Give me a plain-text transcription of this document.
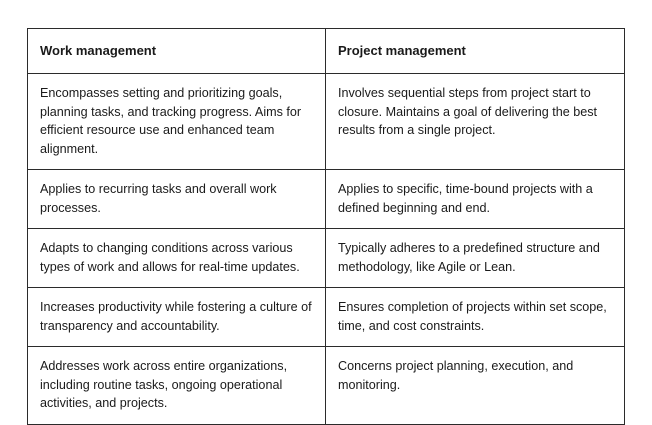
Work management	Project management

Encompasses setting and prioritizing goals, planning tasks, and tracking progress. Aims for efficient resource use and enhanced team alignment.	Involves sequential steps from project start to closure. Maintains a goal of delivering the best results from a single project.

Applies to recurring tasks and overall work processes.	Applies to specific, time-bound projects with a defined beginning and end.

Adapts to changing conditions across various types of work and allows for real-time updates.	Typically adheres to a predefined structure and methodology, like Agile or Lean.

Increases productivity while fostering a culture of transparency and accountability.	Ensures completion of projects within set scope, time, and cost constraints.

Addresses work across entire organizations, including routine tasks, ongoing operational activities, and projects.	Concerns project planning, execution, and monitoring.
